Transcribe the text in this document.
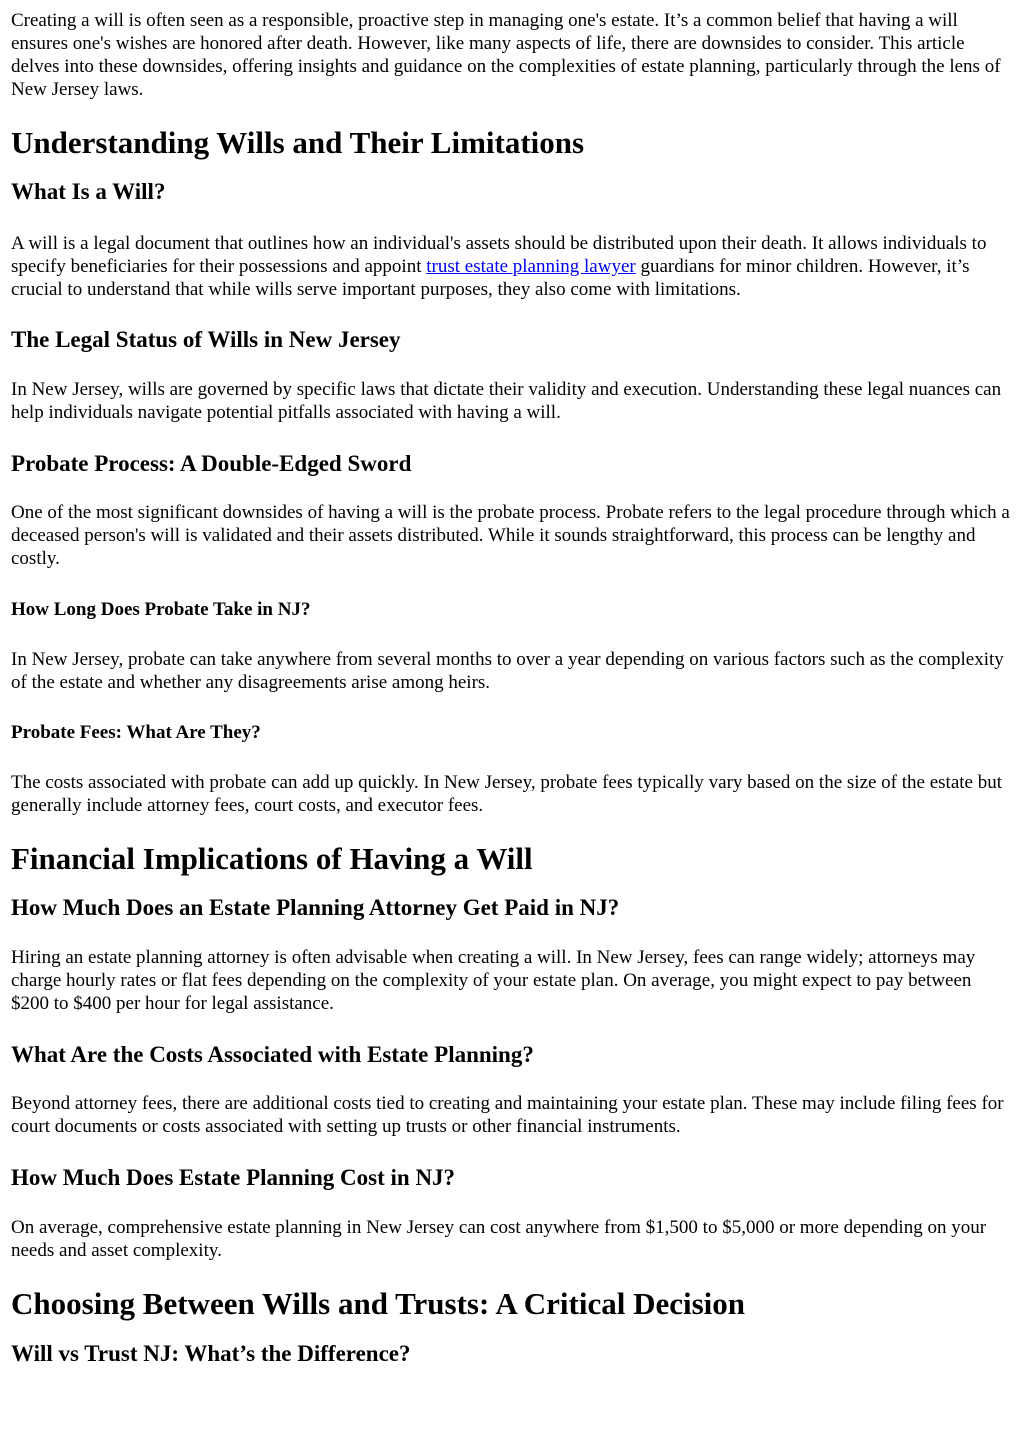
Creating a will is often seen as a responsible, proactive step in managing one's estate. It’s a common belief that having a will ensures one's wishes are honored after death. However, like many aspects of life, there are downsides to consider. This article delves into these downsides, offering insights and guidance on the complexities of estate planning, particularly through the lens of New Jersey laws.

Understanding Wills and Their Limitations
What Is a Will?

A will is a legal document that outlines how an individual's assets should be distributed upon their death. It allows individuals to specify beneficiaries for their possessions and appoint trust estate planning lawyer guardians for minor children. However, it’s crucial to understand that while wills serve important purposes, they also come with limitations.

The Legal Status of Wills in New Jersey

In New Jersey, wills are governed by specific laws that dictate their validity and execution. Understanding these legal nuances can help individuals navigate potential pitfalls associated with having a will.

Probate Process: A Double-Edged Sword

One of the most significant downsides of having a will is the probate process. Probate refers to the legal procedure through which a deceased person's will is validated and their assets distributed. While it sounds straightforward, this process can be lengthy and costly.

How Long Does Probate Take in NJ?

In New Jersey, probate can take anywhere from several months to over a year depending on various factors such as the complexity of the estate and whether any disagreements arise among heirs.

Probate Fees: What Are They?

The costs associated with probate can add up quickly. In New Jersey, probate fees typically vary based on the size of the estate but generally include attorney fees, court costs, and executor fees.

Financial Implications of Having a Will
How Much Does an Estate Planning Attorney Get Paid in NJ?

Hiring an estate planning attorney is often advisable when creating a will. In New Jersey, fees can range widely; attorneys may charge hourly rates or flat fees depending on the complexity of your estate plan. On average, you might expect to pay between $200 to $400 per hour for legal assistance.

What Are the Costs Associated with Estate Planning?

Beyond attorney fees, there are additional costs tied to creating and maintaining your estate plan. These may include filing fees for court documents or costs associated with setting up trusts or other financial instruments.

How Much Does Estate Planning Cost in NJ?

On average, comprehensive estate planning in New Jersey can cost anywhere from $1,500 to $5,000 or more depending on your needs and asset complexity.

Choosing Between Wills and Trusts: A Critical Decision
Will vs Trust NJ: What’s the Difference?
